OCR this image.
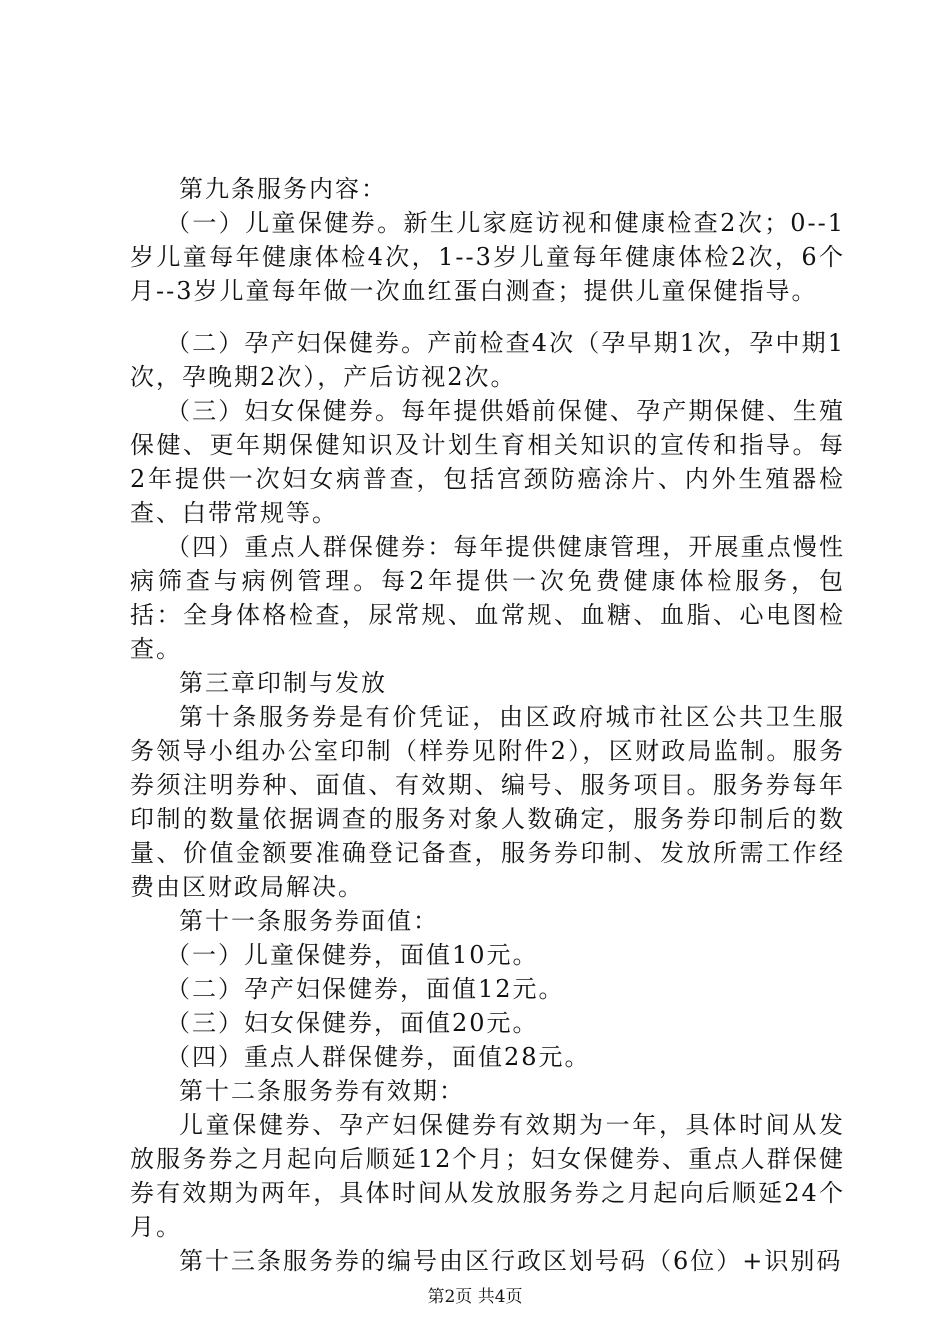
第九条服务内容：

（一）儿童保健券。新生儿家庭访视和健康检查2次；0--1岁儿童每年健康体检4次，1--3岁儿童每年健康体检2次，6个月--3岁儿童每年做一次血红蛋白测查；提供儿童保健指导。

（二）孕产妇保健券。产前检查4次（孕早期1次，孕中期1次，孕晚期2次），产后访视2次。

（三）妇女保健券。每年提供婚前保健、孕产期保健、生殖保健、更年期保健知识及计划生育相关知识的宣传和指导。每2年提供一次妇女病普查，包括宫颈防癌涂片、内外生殖器检查、白带常规等。

（四）重点人群保健券：每年提供健康管理，开展重点慢性病筛查与病例管理。每2年提供一次免费健康体检服务，包括：全身体格检查，尿常规、血常规、血糖、血脂、心电图检查。

第三章印制与发放

第十条服务券是有价凭证，由区政府城市社区公共卫生服务领导小组办公室印制（样券见附件2），区财政局监制。服务券须注明券种、面值、有效期、编号、服务项目。服务券每年印制的数量依据调查的服务对象人数确定，服务券印制后的数量、价值金额要准确登记备查，服务券印制、发放所需工作经费由区财政局解决。

第十一条服务券面值：

（一）儿童保健券，面值10元。

（二）孕产妇保健券，面值12元。

（三）妇女保健券，面值20元。

（四）重点人群保健券，面值28元。

第十二条服务券有效期：

儿童保健券、孕产妇保健券有效期为一年，具体时间从发放服务券之月起向后顺延12个月；妇女保健券、重点人群保健券有效期为两年，具体时间从发放服务券之月起向后顺延24个月。

第十三条服务券的编号由区行政区划号码（6位）+识别码

第2页 共4页
